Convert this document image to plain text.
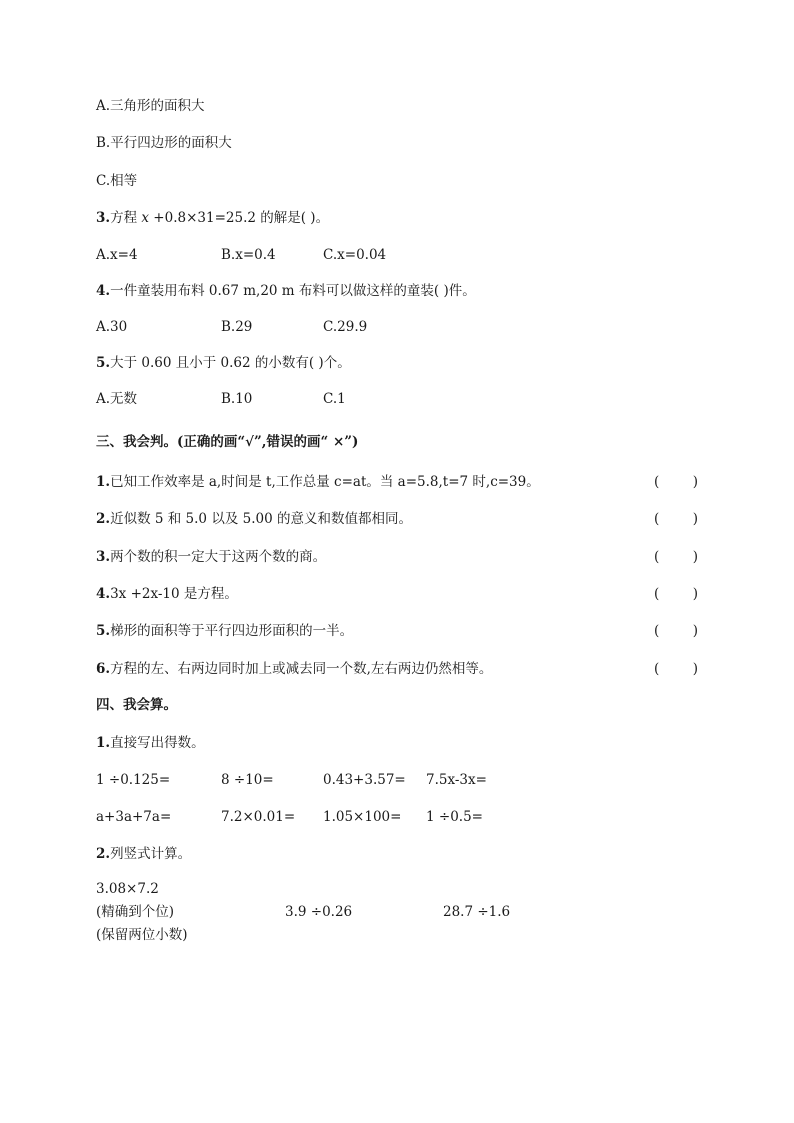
A.三角形的面积大
B.平行四边形的面积大
C.相等
3.方程 x +0.8×31=25.2 的解是( )。
A.x=4	B.x=0.4	C.x=0.04
4.一件童装用布料 0.67 m,20 m 布料可以做这样的童装( )件。
A.30	B.29	C.29.9
5.大于 0.60 且小于 0.62 的小数有( )个。
A.无数	B.10	C.1
三、我会判。(正确的画“√”,错误的画“ ×”)
1.已知工作效率是 a,时间是 t,工作总量 c=at。当 a=5.8,t=7 时,c=39。	( )
2.近似数 5 和 5.0 以及 5.00 的意义和数值都相同。	( )
3.两个数的积一定大于这两个数的商。	( )
4.3x +2x-10 是方程。	( )
5.梯形的面积等于平行四边形面积的一半。	( )
6.方程的左、右两边同时加上或减去同一个数,左右两边仍然相等。	( )
四、我会算。
1.直接写出得数。
1 ÷0.125=	8 ÷10=	0.43+3.57= 7.5x-3x=
a+3a+7a=	7.2×0.01= 1.05×100= 1 ÷0.5=
2.列竖式计算。
3.08×7.2
(精确到个位)	3.9 ÷0.26	28.7 ÷1.6
(保留两位小数)
